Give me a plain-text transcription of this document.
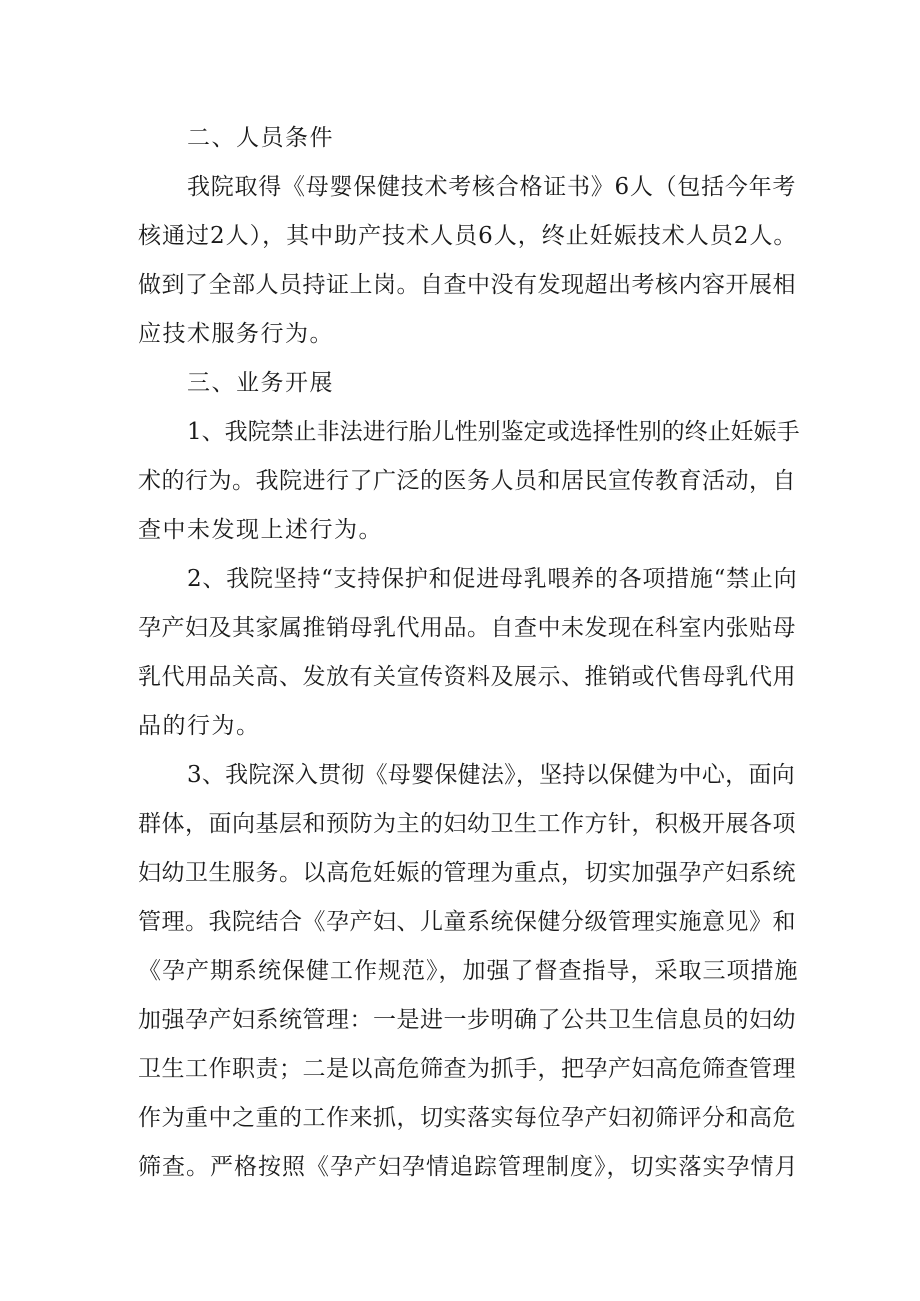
二、人员条件
我院取得《母婴保健技术考核合格证书》6人（包括今年考
核通过2人），其中助产技术人员6人，终止妊娠技术人员2人。
做到了全部人员持证上岗。自查中没有发现超出考核内容开展相
应技术服务行为。
三、业务开展
1、我院禁止非法进行胎儿性别鉴定或选择性别的终止妊娠手
术的行为。我院进行了广泛的医务人员和居民宣传教育活动，自
查中未发现上述行为。
2、我院坚持“支持保护和促进母乳喂养的各项措施“禁止向
孕产妇及其家属推销母乳代用品。自查中未发现在科室内张贴母
乳代用品关高、发放有关宣传资料及展示、推销或代售母乳代用
品的行为。
3、我院深入贯彻《母婴保健法》，坚持以保健为中心，面向
群体，面向基层和预防为主的妇幼卫生工作方针，积极开展各项
妇幼卫生服务。以高危妊娠的管理为重点，切实加强孕产妇系统
管理。我院结合《孕产妇、儿童系统保健分级管理实施意见》和
《孕产期系统保健工作规范》，加强了督查指导，采取三项措施
加强孕产妇系统管理：一是进一步明确了公共卫生信息员的妇幼
卫生工作职责；二是以高危筛查为抓手，把孕产妇高危筛查管理
作为重中之重的工作来抓，切实落实每位孕产妇初筛评分和高危
筛查。严格按照《孕产妇孕情追踪管理制度》，切实落实孕情月
